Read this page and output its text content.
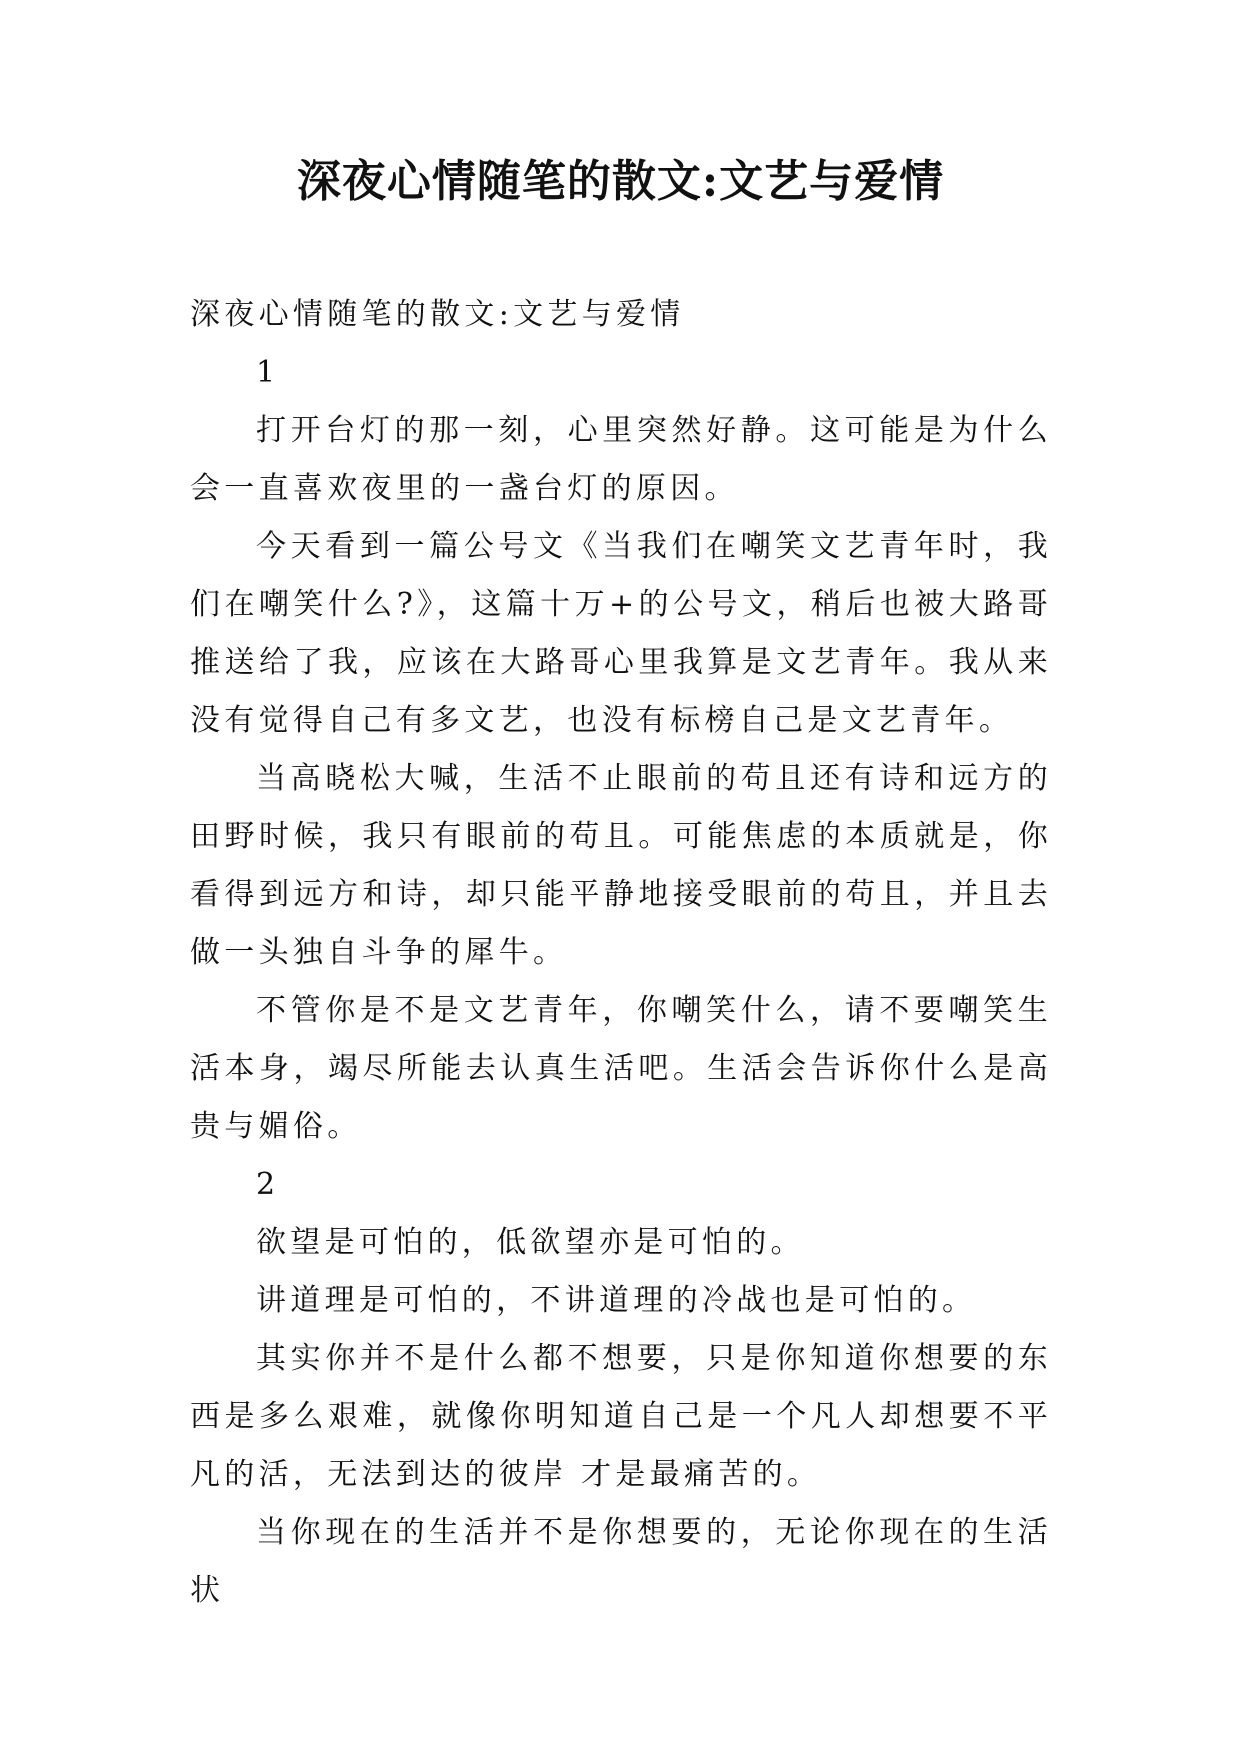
深夜心情随笔的散文:文艺与爱情

深夜心情随笔的散文:文艺与爱情

1

打开台灯的那一刻，心里突然好静。这可能是为什么会一直喜欢夜里的一盏台灯的原因。

今天看到一篇公号文《当我们在嘲笑文艺青年时，我们在嘲笑什么?》，这篇十万+的公号文，稍后也被大路哥推送给了我，应该在大路哥心里我算是文艺青年。我从来没有觉得自己有多文艺，也没有标榜自己是文艺青年。

当高晓松大喊，生活不止眼前的苟且还有诗和远方的田野时候，我只有眼前的苟且。可能焦虑的本质就是，你看得到远方和诗，却只能平静地接受眼前的苟且，并且去做一头独自斗争的犀牛。

不管你是不是文艺青年，你嘲笑什么，请不要嘲笑生活本身，竭尽所能去认真生活吧。生活会告诉你什么是高贵与媚俗。

2

欲望是可怕的，低欲望亦是可怕的。

讲道理是可怕的，不讲道理的冷战也是可怕的。

其实你并不是什么都不想要，只是你知道你想要的东西是多么艰难，就像你明知道自己是一个凡人却想要不平凡的活，无法到达的彼岸 才是最痛苦的。

当你现在的生活并不是你想要的，无论你现在的生活状
